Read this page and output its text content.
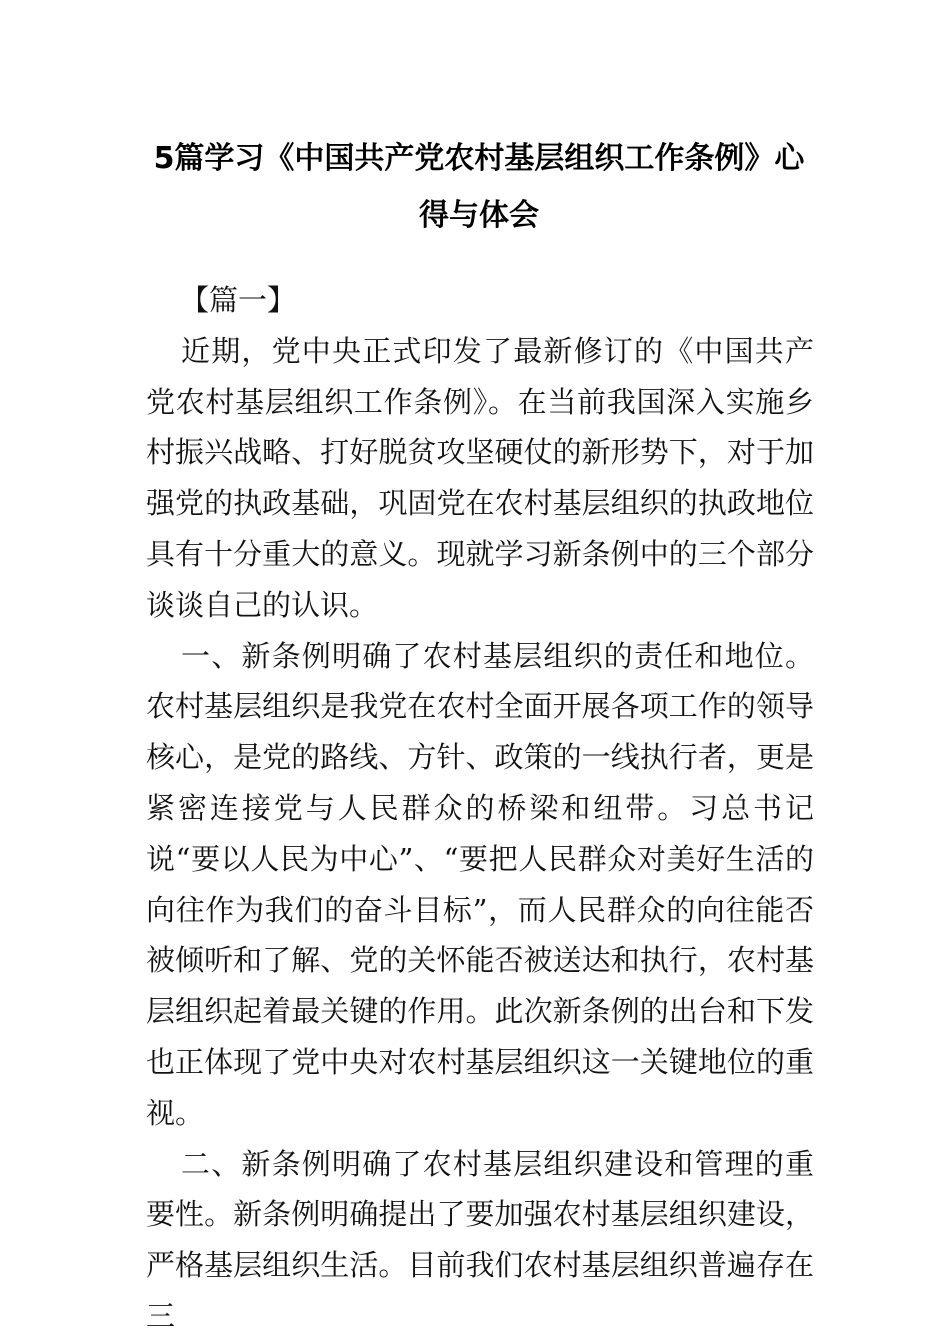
5篇学习《中国共产党农村基层组织工作条例》心
得与体会

【篇一】

近期，党中央正式印发了最新修订的《中国共产党农村基层组织工作条例》。在当前我国深入实施乡村振兴战略、打好脱贫攻坚硬仗的新形势下，对于加强党的执政基础，巩固党在农村基层组织的执政地位具有十分重大的意义。现就学习新条例中的三个部分谈谈自己的认识。

一、新条例明确了农村基层组织的责任和地位。农村基层组织是我党在农村全面开展各项工作的领导核心，是党的路线、方针、政策的一线执行者，更是紧密连接党与人民群众的桥梁和纽带。习总书记说“要以人民为中心”、“要把人民群众对美好生活的向往作为我们的奋斗目标”，而人民群众的向往能否被倾听和了解、党的关怀能否被送达和执行，农村基层组织起着最关键的作用。此次新条例的出台和下发也正体现了党中央对农村基层组织这一关键地位的重视。

二、新条例明确了农村基层组织建设和管理的重要性。新条例明确提出了要加强农村基层组织建设，严格基层组织生活。目前我们农村基层组织普遍存在三
